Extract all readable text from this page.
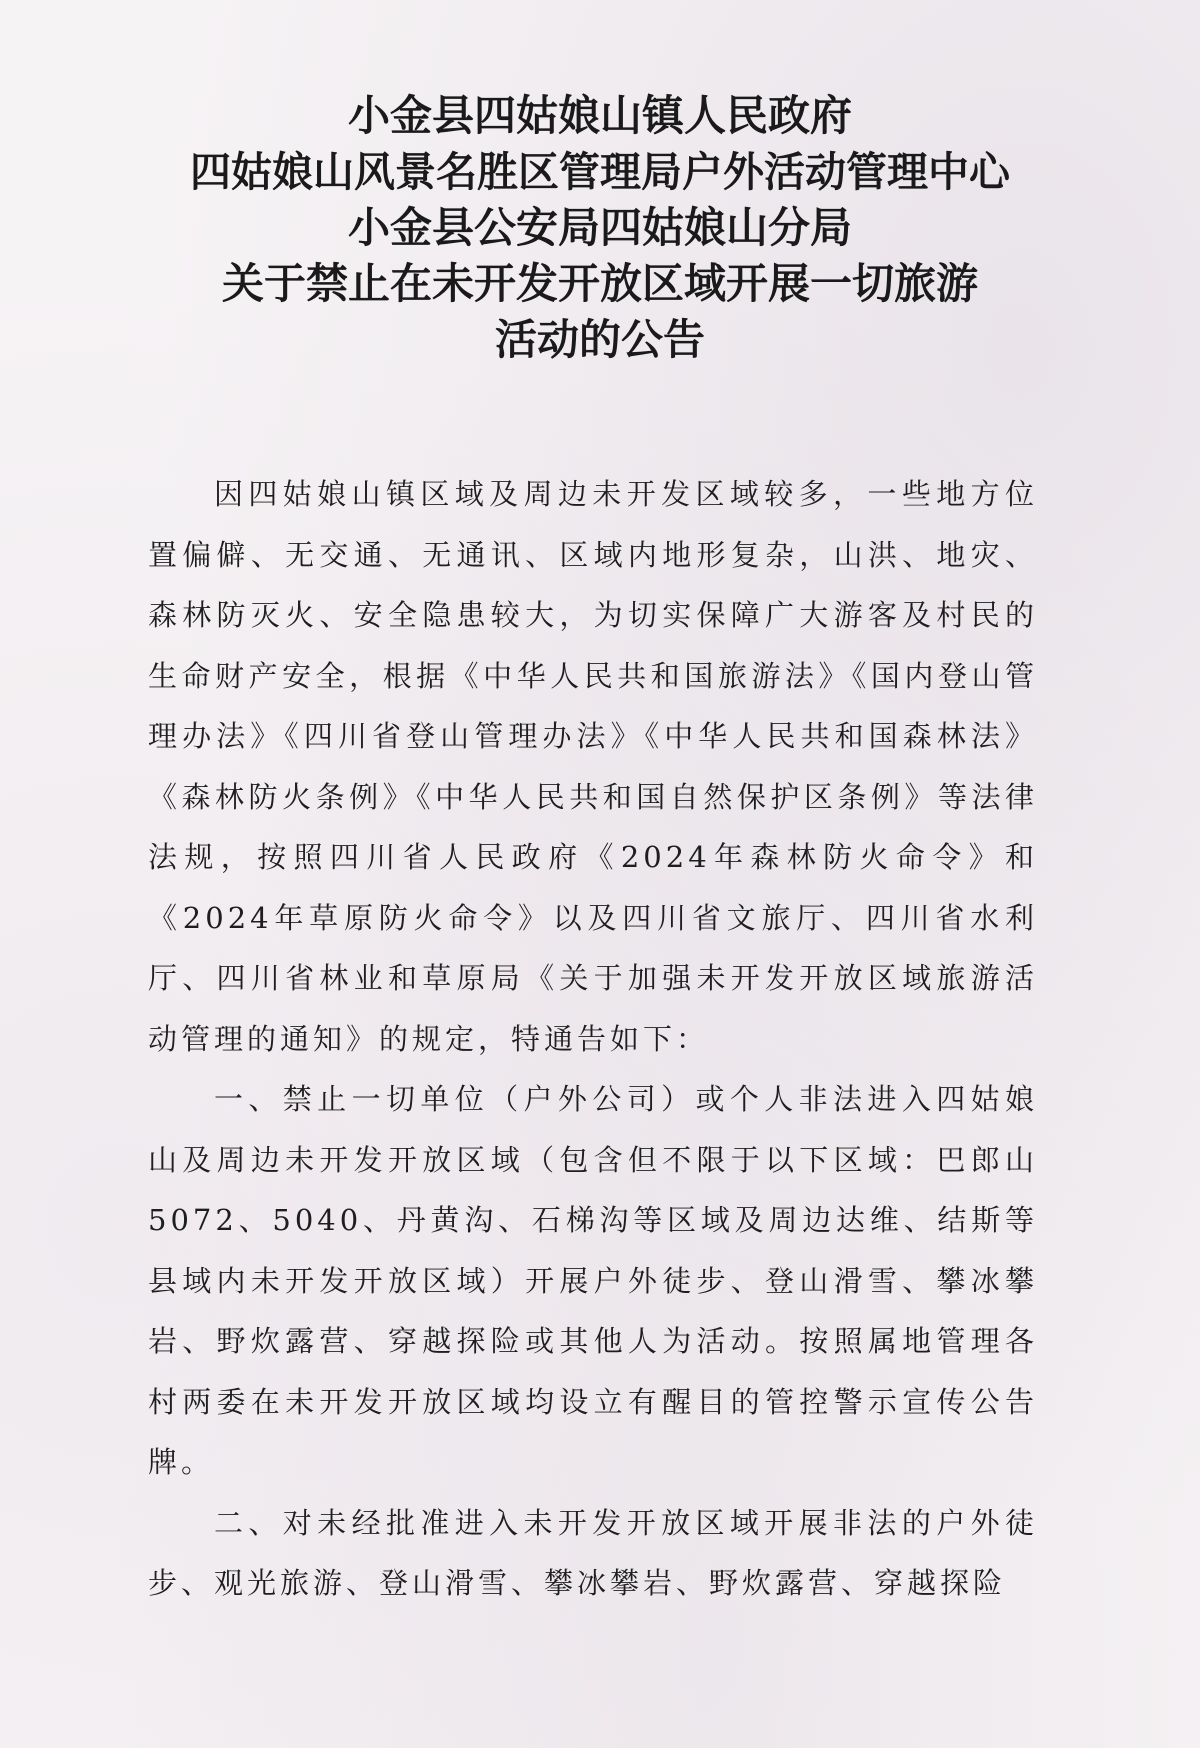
小金县四姑娘山镇人民政府
四姑娘山风景名胜区管理局户外活动管理中心
小金县公安局四姑娘山分局
关于禁止在未开发开放区域开展一切旅游
活动的公告

因四姑娘山镇区域及周边未开发区域较多，一些地方位置偏僻、无交通、无通讯、区域内地形复杂，山洪、地灾、森林防灭火、安全隐患较大，为切实保障广大游客及村民的生命财产安全，根据《中华人民共和国旅游法》《国内登山管理办法》《四川省登山管理办法》《中华人民共和国森林法》《森林防火条例》《中华人民共和国自然保护区条例》等法律法规，按照四川省人民政府《2024年森林防火命令》和《2024年草原防火命令》以及四川省文旅厅、四川省水利厅、四川省林业和草原局《关于加强未开发开放区域旅游活动管理的通知》的规定，特通告如下：

一、禁止一切单位（户外公司）或个人非法进入四姑娘山及周边未开发开放区域（包含但不限于以下区域：巴郎山5072、5040、丹黄沟、石梯沟等区域及周边达维、结斯等县域内未开发开放区域）开展户外徒步、登山滑雪、攀冰攀岩、野炊露营、穿越探险或其他人为活动。按照属地管理各村两委在未开发开放区域均设立有醒目的管控警示宣传公告牌。

二、对未经批准进入未开发开放区域开展非法的户外徒步、观光旅游、登山滑雪、攀冰攀岩、野炊露营、穿越探险
